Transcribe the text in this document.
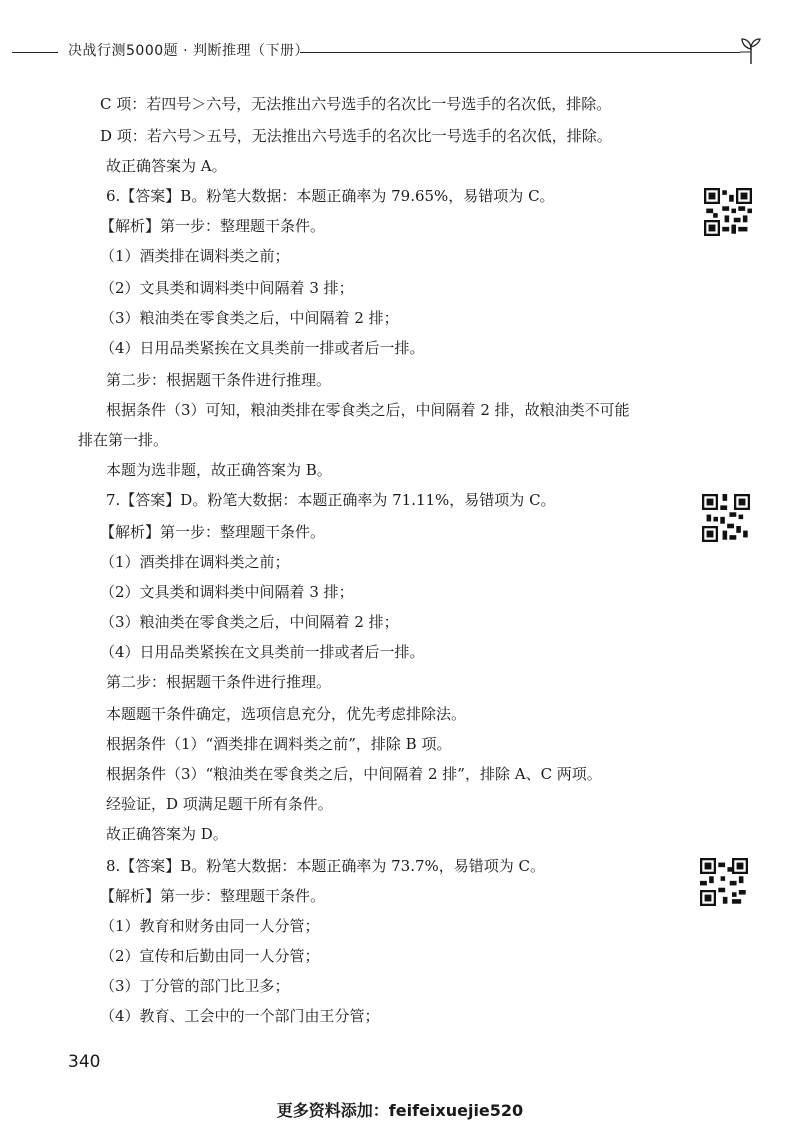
决战行测5000题 · 判断推理（下册）
C 项：若四号＞六号，无法推出六号选手的名次比一号选手的名次低，排除。
D 项：若六号＞五号，无法推出六号选手的名次比一号选手的名次低，排除。
故正确答案为 A。
6.【答案】B。粉笔大数据：本题正确率为 79.65%，易错项为 C。
【解析】第一步：整理题干条件。
（1）酒类排在调料类之前；
（2）文具类和调料类中间隔着 3 排；
（3）粮油类在零食类之后，中间隔着 2 排；
（4）日用品类紧挨在文具类前一排或者后一排。
第二步：根据题干条件进行推理。
根据条件（3）可知，粮油类排在零食类之后，中间隔着 2 排，故粮油类不可能
排在第一排。
本题为选非题，故正确答案为 B。
7.【答案】D。粉笔大数据：本题正确率为 71.11%，易错项为 C。
【解析】第一步：整理题干条件。
（1）酒类排在调料类之前；
（2）文具类和调料类中间隔着 3 排；
（3）粮油类在零食类之后，中间隔着 2 排；
（4）日用品类紧挨在文具类前一排或者后一排。
第二步：根据题干条件进行推理。
本题题干条件确定，选项信息充分，优先考虑排除法。
根据条件（1）“酒类排在调料类之前”，排除 B 项。
根据条件（3）“粮油类在零食类之后，中间隔着 2 排”，排除 A、C 两项。
经验证，D 项满足题干所有条件。
故正确答案为 D。
8.【答案】B。粉笔大数据：本题正确率为 73.7%，易错项为 C。
【解析】第一步：整理题干条件。
（1）教育和财务由同一人分管；
（2）宣传和后勤由同一人分管；
（3）丁分管的部门比卫多；
（4）教育、工会中的一个部门由王分管；
340
更多资料添加：feifeixuejie520
